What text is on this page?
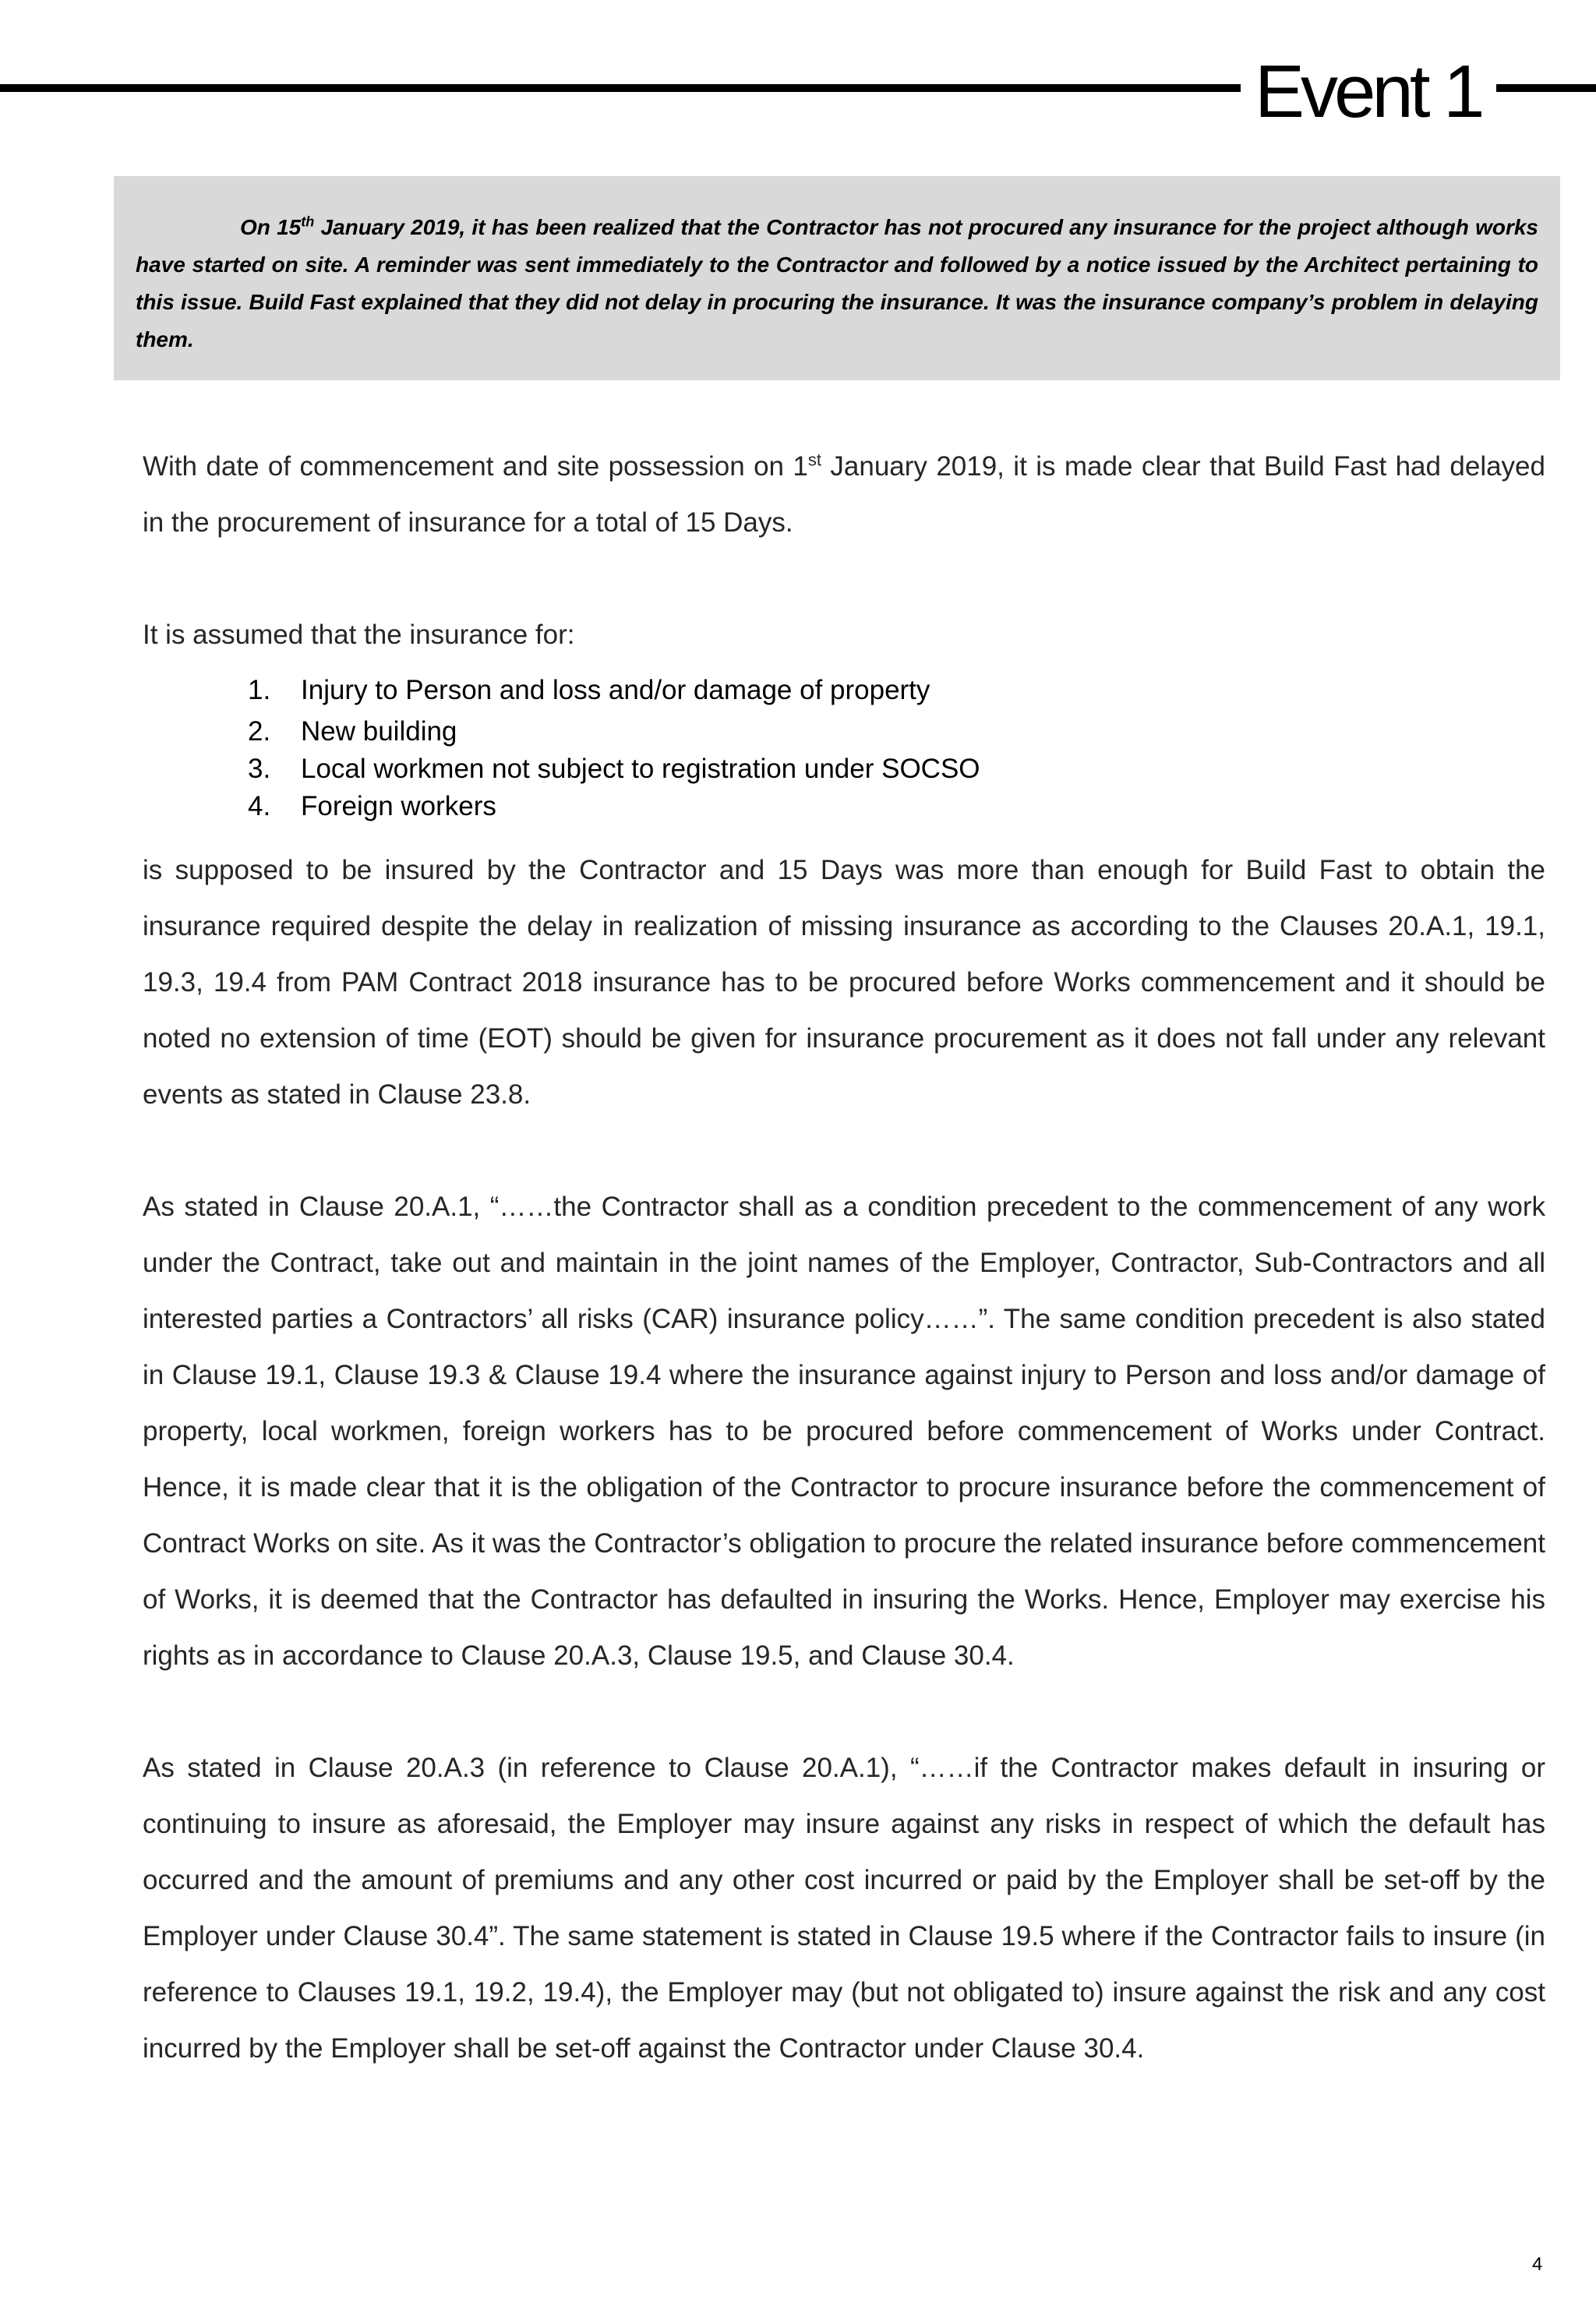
Event 1

On 15th January 2019, it has been realized that the Contractor has not procured any insurance for the project although works have started on site. A reminder was sent immediately to the Contractor and followed by a notice issued by the Architect pertaining to this issue. Build Fast explained that they did not delay in procuring the insurance. It was the insurance company’s problem in delaying them.

With date of commencement and site possession on 1st January 2019, it is made clear that Build Fast had delayed in the procurement of insurance for a total of 15 Days.

It is assumed that the insurance for:

1.	Injury to Person and loss and/or damage of property
2.	New building
3.	Local workmen not subject to registration under SOCSO
4.	Foreign workers

is supposed to be insured by the Contractor and 15 Days was more than enough for Build Fast to obtain the insurance required despite the delay in realization of missing insurance as according to the Clauses 20.A.1, 19.1, 19.3, 19.4 from PAM Contract 2018 insurance has to be procured before Works commencement and it should be noted no extension of time (EOT) should be given for insurance procurement as it does not fall under any relevant events as stated in Clause 23.8.

As stated in Clause 20.A.1, “……the Contractor shall as a condition precedent to the commencement of any work under the Contract, take out and maintain in the joint names of the Employer, Contractor, Sub-Contractors and all interested parties a Contractors’ all risks (CAR) insurance policy……”. The same condition precedent is also stated in Clause 19.1, Clause 19.3 & Clause 19.4 where the insurance against injury to Person and loss and/or damage of property, local workmen, foreign workers has to be procured before commencement of Works under Contract. Hence, it is made clear that it is the obligation of the Contractor to procure insurance before the commencement of Contract Works on site. As it was the Contractor’s obligation to procure the related insurance before commencement of Works, it is deemed that the Contractor has defaulted in insuring the Works. Hence, Employer may exercise his rights as in accordance to Clause 20.A.3, Clause 19.5, and Clause 30.4.

As stated in Clause 20.A.3 (in reference to Clause 20.A.1), “……if the Contractor makes default in insuring or continuing to insure as aforesaid, the Employer may insure against any risks in respect of which the default has occurred and the amount of premiums and any other cost incurred or paid by the Employer shall be set-off by the Employer under Clause 30.4”. The same statement is stated in Clause 19.5 where if the Contractor fails to insure (in reference to Clauses 19.1, 19.2, 19.4), the Employer may (but not obligated to) insure against the risk and any cost incurred by the Employer shall be set-off against the Contractor under Clause 30.4.

4
